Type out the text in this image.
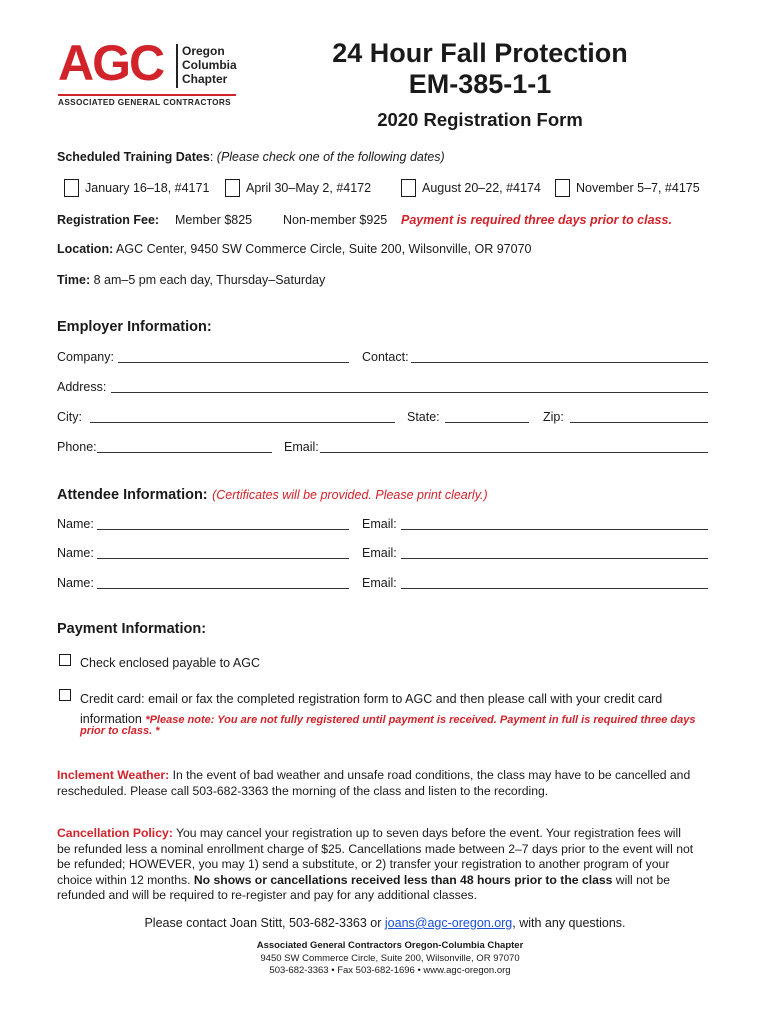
AGC Oregon
Columbia
Chapter
ASSOCIATED GENERAL CONTRACTORS
24 Hour Fall Protection
EM-385-1-1
2020 Registration Form
Scheduled Training Dates: (Please check one of the following dates)
January 16–18, #4171	April 30–May 2, #4172	August 20–22, #4174	November 5–7, #4175
Registration Fee: Member $825 Non-member $925 Payment is required three days prior to class.
Location: AGC Center, 9450 SW Commerce Circle, Suite 200, Wilsonville, OR 97070
Time: 8 am–5 pm each day, Thursday–Saturday
Employer Information:
Company:	Contact:
Address:
City:	State:	Zip:
Phone:	Email:
Attendee Information: (Certificates will be provided. Please print clearly.)
Name:	Email:
Name:	Email:
Name:	Email:
Payment Information:
Check enclosed payable to AGC
Credit card: email or fax the completed registration form to AGC and then please call with your credit card
information *Please note: You are not fully registered until payment is received. Payment in full is required three days
prior to class. *
Inclement Weather: In the event of bad weather and unsafe road conditions, the class may have to be cancelled and
rescheduled. Please call 503-682-3363 the morning of the class and listen to the recording.
Cancellation Policy: You may cancel your registration up to seven days before the event. Your registration fees will
be refunded less a nominal enrollment charge of $25. Cancellations made between 2–7 days prior to the event will not
be refunded; HOWEVER, you may 1) send a substitute, or 2) transfer your registration to another program of your
choice within 12 months. No shows or cancellations received less than 48 hours prior to the class will not be
refunded and will be required to re-register and pay for any additional classes.
Please contact Joan Stitt, 503-682-3363 or joans@agc-oregon.org, with any questions.
Associated General Contractors Oregon-Columbia Chapter
9450 SW Commerce Circle, Suite 200, Wilsonville, OR 97070
503-682-3363 • Fax 503-682-1696 • www.agc-oregon.org
